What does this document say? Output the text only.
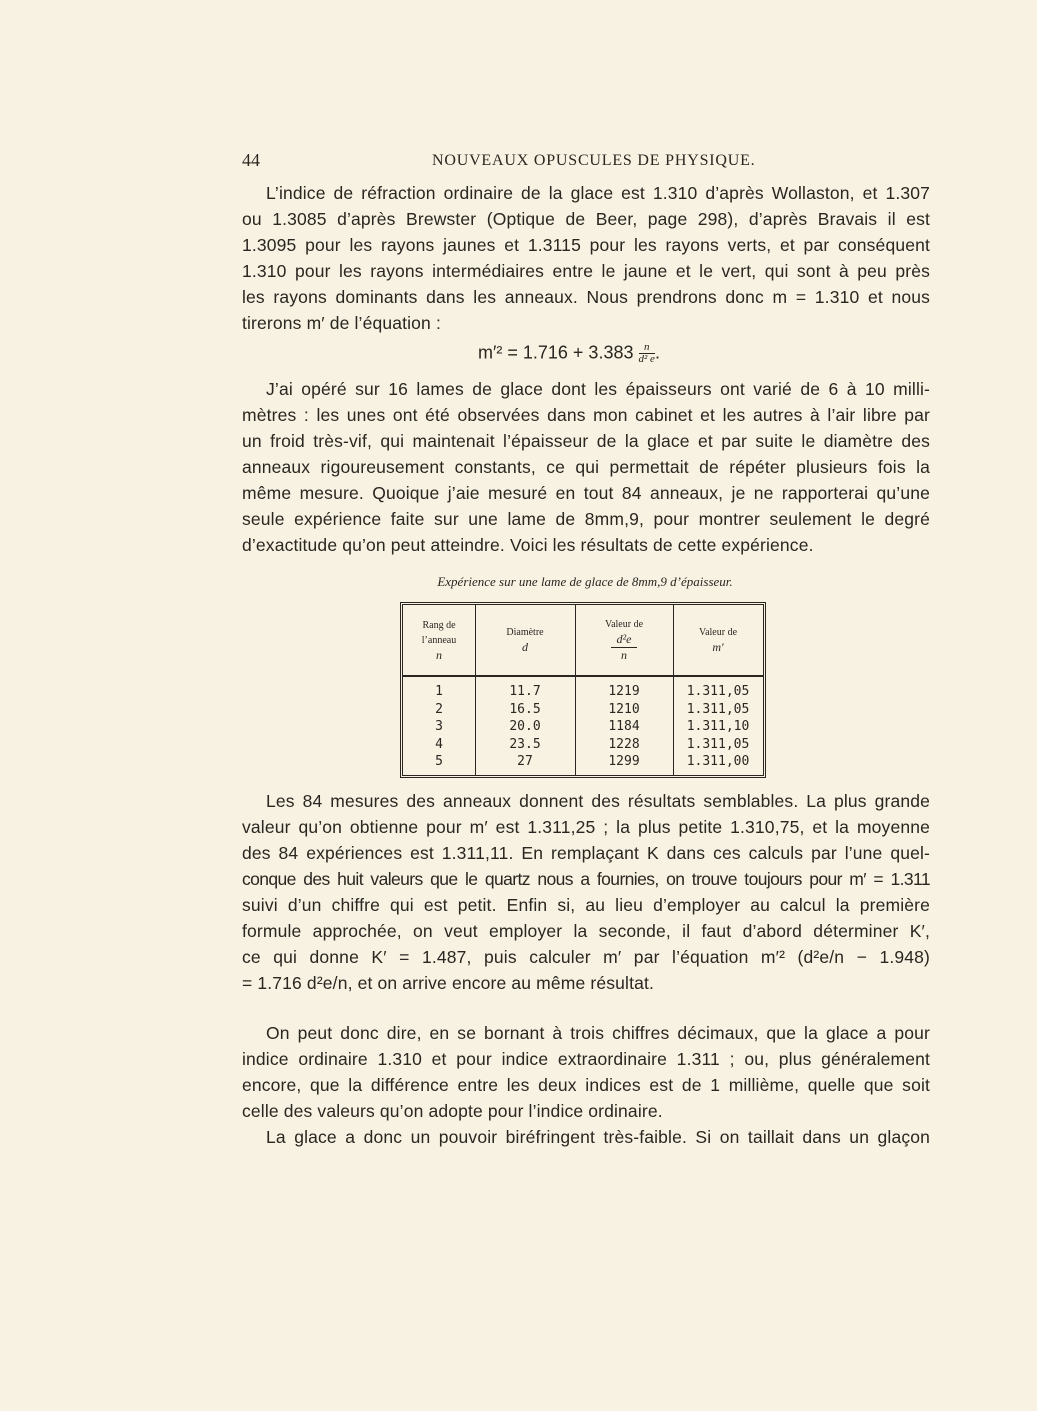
44	NOUVEAUX OPUSCULES DE PHYSIQUE.
L’indice de réfraction ordinaire de la glace est 1.310 d’après Wollaston, et 1.307
ou 1.3085 d’après Brewster (Optique de Beer, page 298), d’après Bravais il est
1.3095 pour les rayons jaunes et 1.3115 pour les rayons verts, et par conséquent
1.310 pour les rayons intermédiaires entre le jaune et le vert, qui sont à peu près
les rayons dominants dans les anneaux. Nous prendrons donc m = 1.310 et nous
tirerons m′ de l’équation :
$m'^2 = 1.716 + 3.383 \frac{n}{\text{d² e}}$ .
J’ai opéré sur 16 lames de glace dont les épaisseurs ont varié de 6 à 10 milli-
mètres : les unes ont été observées dans mon cabinet et les autres à l’air libre par
un froid très-vif, qui maintenait l’épaisseur de la glace et par suite le diamètre des
anneaux rigoureusement constants, ce qui permettait de répéter plusieurs fois la
même mesure. Quoique j’aie mesuré en tout 84 anneaux, je ne rapporterai qu’une
seule expérience faite sur une lame de 8mm,9, pour montrer seulement le degré
d’exactitude qu’on peut atteindre. Voici les résultats de cette expérience.
Expérience sur une lame de glace de 8mm,9 d’épaisseur.
Rang de
l’anneau
n
Diamètre
d
Valeur de
d²e
n
Valeur de
m′
1
2
3
4
5
11.7
16.5
20.0
23.5
27
1219
1210
1184
1228
1299
1.311,05
1.311,05
1.311,10
1.311,05
1.311,00
Les 84 mesures des anneaux donnent des résultats semblables. La plus grande
valeur qu’on obtienne pour m′ est 1.311,25 ; la plus petite 1.310,75, et la moyenne
des 84 expériences est 1.311,11. En remplaçant K dans ces calculs par l’une quel-
conque des huit valeurs que le quartz nous a fournies, on trouve toujours pour m′ = 1.311
suivi d’un chiffre qui est petit. Enfin si, au lieu d’employer au calcul la première
formule approchée, on veut employer la seconde, il faut d’abord déterminer K′,
ce qui donne K′ = 1.487, puis calculer m′ par l’équation m′² (d²e/n − 1.948)
= 1.716 d²e/n, et on arrive encore au même résultat.
On peut donc dire, en se bornant à trois chiffres décimaux, que la glace a pour
indice ordinaire 1.310 et pour indice extraordinaire 1.311 ; ou, plus généralement
encore, que la différence entre les deux indices est de 1 millième, quelle que soit
celle des valeurs qu’on adopte pour l’indice ordinaire.
La glace a donc un pouvoir biréfringent très-faible. Si on taillait dans un glaçon
